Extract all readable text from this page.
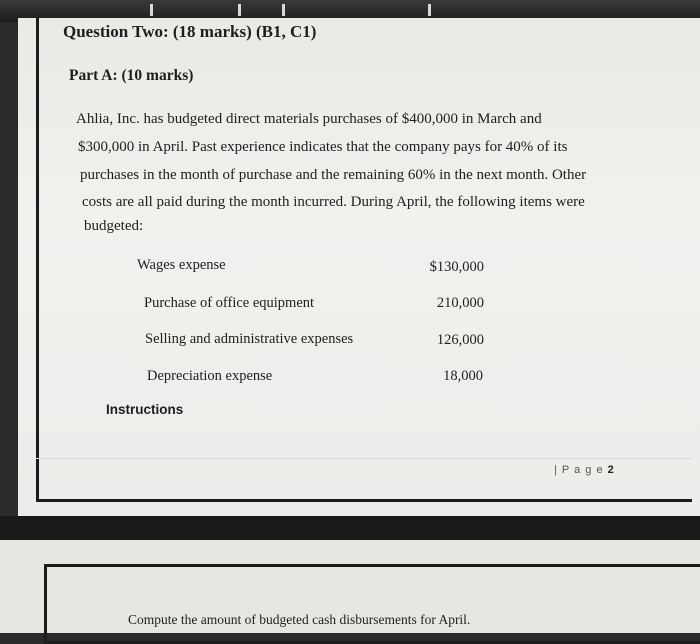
Question Two: (18 marks) (B1, C1)
Part A: (10 marks)
Ahlia, Inc. has budgeted direct materials purchases of $400,000 in March and
$300,000 in April. Past experience indicates that the company pays for 40% of its
purchases in the month of purchase and the remaining 60% in the next month. Other
costs are all paid during the month incurred. During April, the following items were
budgeted:
Wages expense	$130,000
Purchase of office equipment	210,000
Selling and administrative expenses	126,000
Depreciation expense	18,000
Instructions
| P a g e 2
Compute the amount of budgeted cash disbursements for April.
